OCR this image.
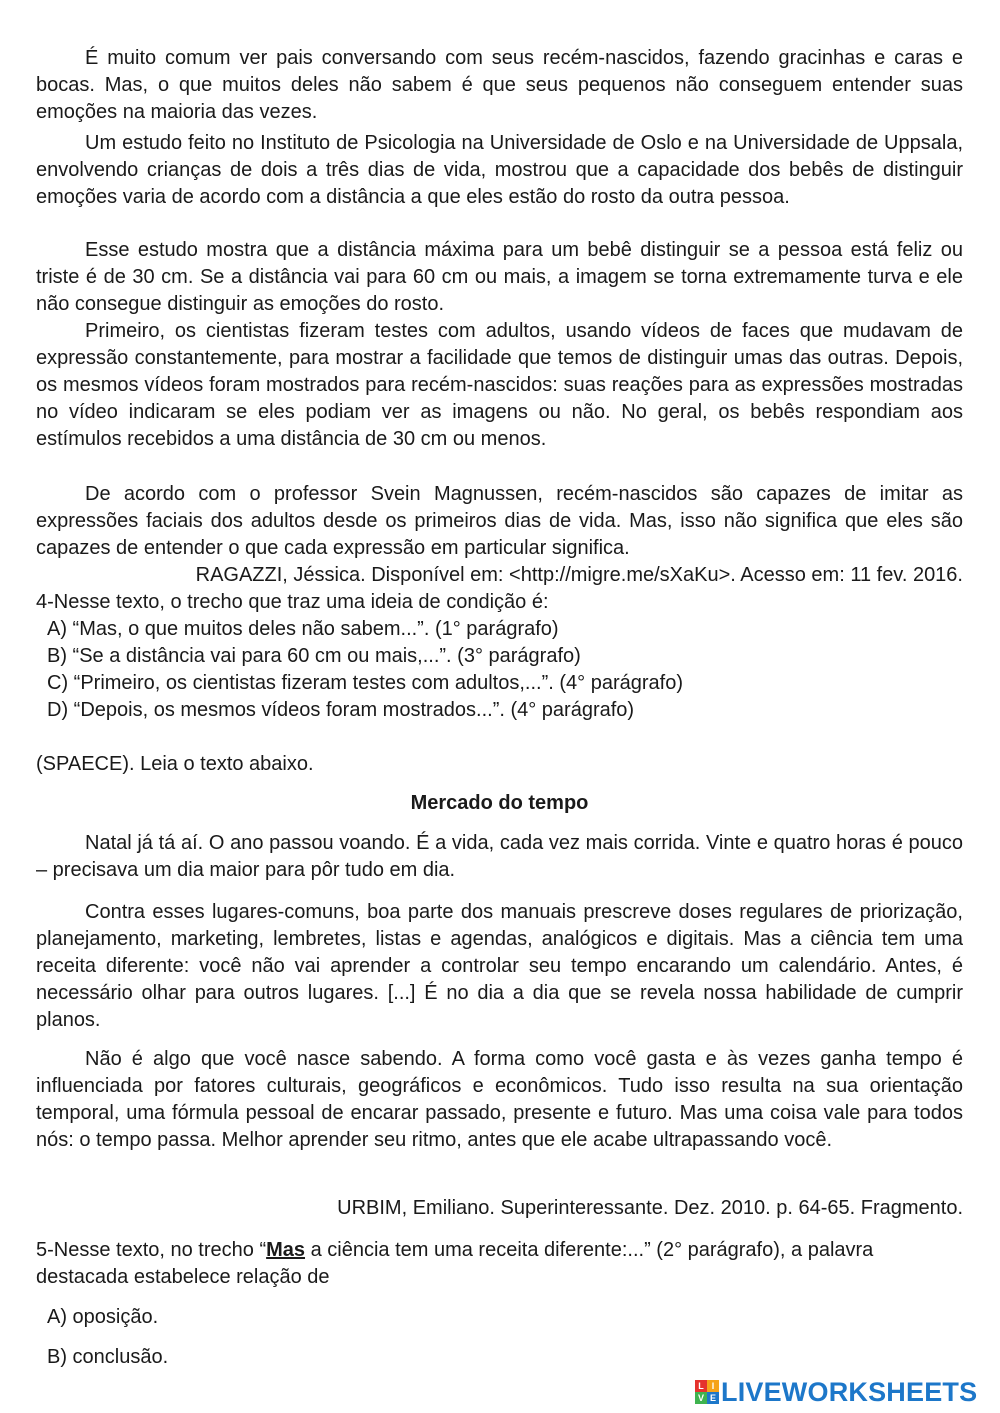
É muito comum ver pais conversando com seus recém-nascidos, fazendo gracinhas e caras e bocas. Mas, o que muitos deles não sabem é que seus pequenos não conseguem entender suas emoções na maioria das vezes.

Um estudo feito no Instituto de Psicologia na Universidade de Oslo e na Universidade de Uppsala, envolvendo crianças de dois a três dias de vida, mostrou que a capacidade dos bebês de distinguir emoções varia de acordo com a distância a que eles estão do rosto da outra pessoa.

Esse estudo mostra que a distância máxima para um bebê distinguir se a pessoa está feliz ou triste é de 30 cm. Se a distância vai para 60 cm ou mais, a imagem se torna extremamente turva e ele não consegue distinguir as emoções do rosto.

Primeiro, os cientistas fizeram testes com adultos, usando vídeos de faces que mudavam de expressão constantemente, para mostrar a facilidade que temos de distinguir umas das outras. Depois, os mesmos vídeos foram mostrados para recém-nascidos: suas reações para as expressões mostradas no vídeo indicaram se eles podiam ver as imagens ou não. No geral, os bebês respondiam aos estímulos recebidos a uma distância de 30 cm ou menos.

De acordo com o professor Svein Magnussen, recém-nascidos são capazes de imitar as expressões faciais dos adultos desde os primeiros dias de vida. Mas, isso não significa que eles são capazes de entender o que cada expressão em particular significa.

RAGAZZI, Jéssica. Disponível em: <http://migre.me/sXaKu>. Acesso em: 11 fev. 2016.

4-Nesse texto, o trecho que traz uma ideia de condição é:

A) “Mas, o que muitos deles não sabem...”. (1° parágrafo)
B) “Se a distância vai para 60 cm ou mais,...”. (3° parágrafo)
C) “Primeiro, os cientistas fizeram testes com adultos,...”. (4° parágrafo)
D) “Depois, os mesmos vídeos foram mostrados...”. (4° parágrafo)

(SPAECE). Leia o texto abaixo.

Mercado do tempo

Natal já tá aí. O ano passou voando. É a vida, cada vez mais corrida. Vinte e quatro horas é pouco – precisava um dia maior para pôr tudo em dia.

Contra esses lugares-comuns, boa parte dos manuais prescreve doses regulares de priorização, planejamento, marketing, lembretes, listas e agendas, analógicos e digitais. Mas a ciência tem uma receita diferente: você não vai aprender a controlar seu tempo encarando um calendário. Antes, é necessário olhar para outros lugares. [...] É no dia a dia que se revela nossa habilidade de cumprir planos.

Não é algo que você nasce sabendo. A forma como você gasta e às vezes ganha tempo é influenciada por fatores culturais, geográficos e econômicos. Tudo isso resulta na sua orientação temporal, uma fórmula pessoal de encarar passado, presente e futuro. Mas uma coisa vale para todos nós: o tempo passa. Melhor aprender seu ritmo, antes que ele acabe ultrapassando você.

URBIM, Emiliano. Superinteressante. Dez. 2010. p. 64-65. Fragmento.

5-Nesse texto, no trecho “Mas a ciência tem uma receita diferente:...” (2° parágrafo), a palavra destacada estabelece relação de

A) oposição.
B) conclusão.
L I
V E LIVEWORKSHEETS
